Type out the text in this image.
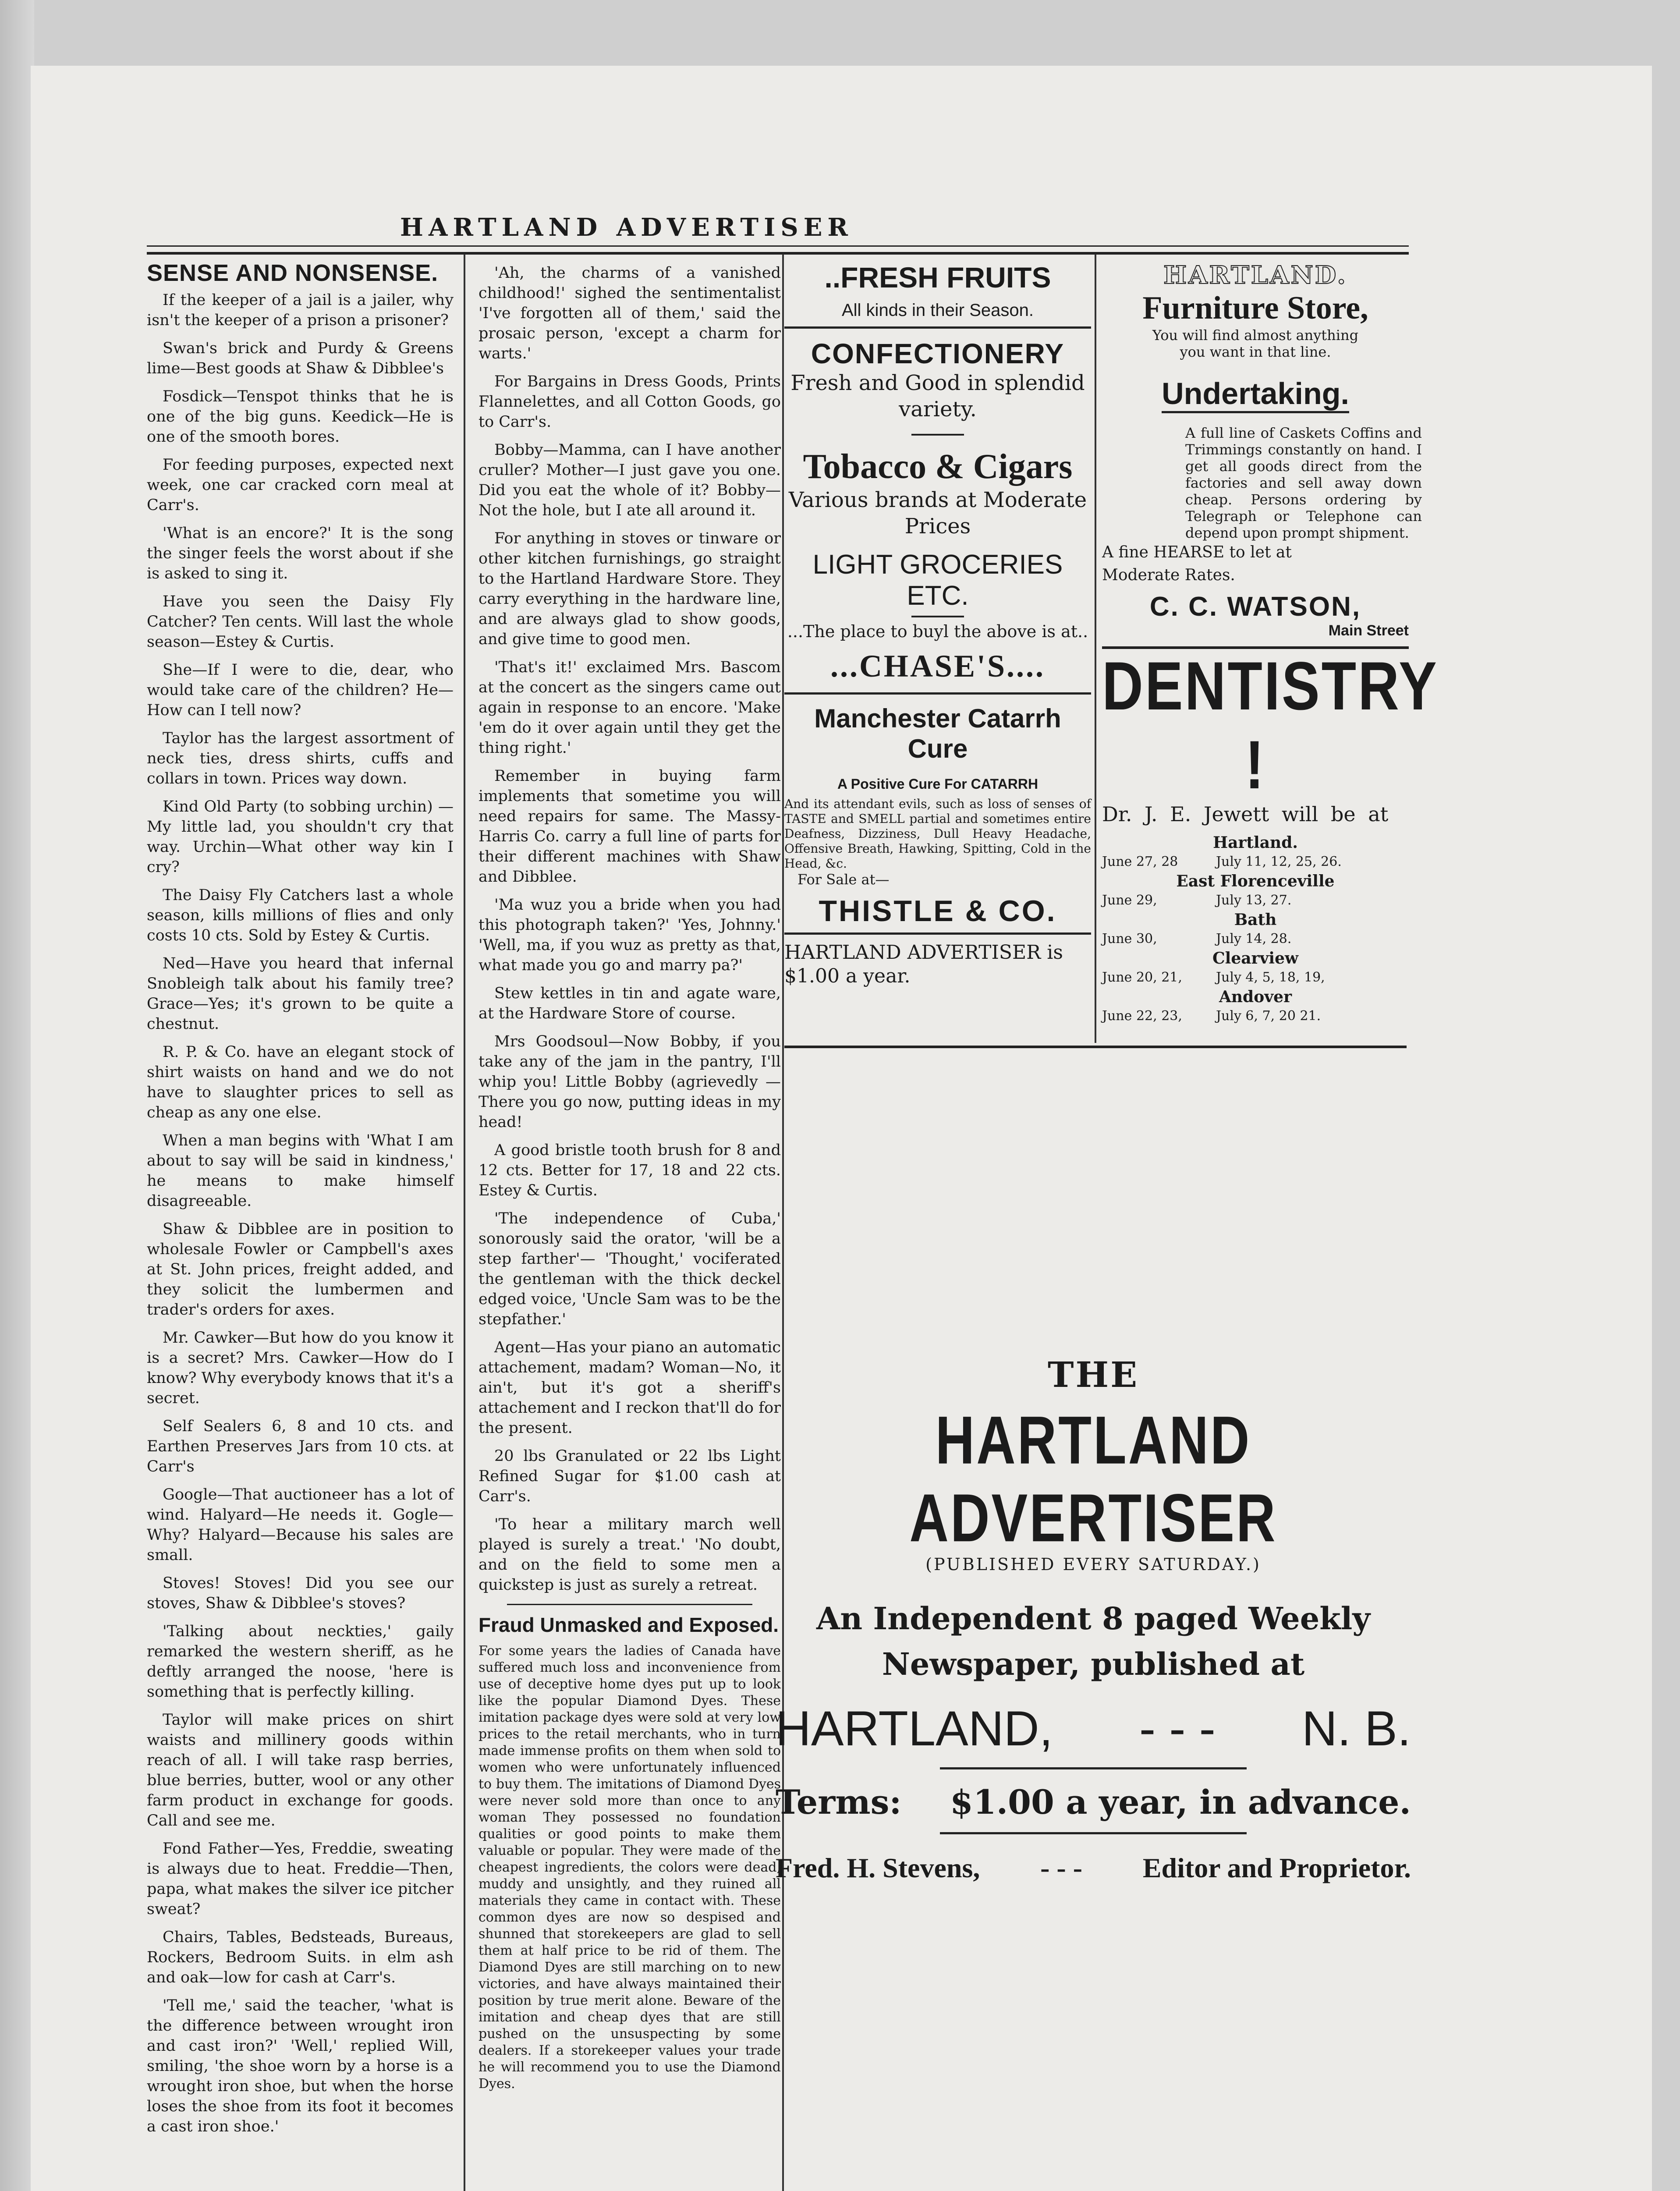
HARTLAND ADVERTISER
SENSE AND NONSENSE.

If the keeper of a jail is a jailer, why isn't the keeper of a prison a prisoner?

Swan's brick and Purdy & Greens lime—Best goods at Shaw & Dibblee's

Fosdick—Tenspot thinks that he is one of the big guns. Keedick—He is one of the smooth bores.

For feeding purposes, expected next week, one car cracked corn meal at Carr's.

'What is an encore?' It is the song the singer feels the worst about if she is asked to sing it.

Have you seen the Daisy Fly Catcher? Ten cents. Will last the whole season—Estey & Curtis.

She—If I were to die, dear, who would take care of the children? He—How can I tell now?

Taylor has the largest assortment of neck ties, dress shirts, cuffs and collars in town. Prices way down.

Kind Old Party (to sobbing urchin) —My little lad, you shouldn't cry that way. Urchin—What other way kin I cry?

The Daisy Fly Catchers last a whole season, kills millions of flies and only costs 10 cts. Sold by Estey & Curtis.

Ned—Have you heard that infernal Snobleigh talk about his family tree? Grace—Yes; it's grown to be quite a chestnut.

R. P. & Co. have an elegant stock of shirt waists on hand and we do not have to slaughter prices to sell as cheap as any one else.

When a man begins with 'What I am about to say will be said in kindness,' he means to make himself disagreeable.

Shaw & Dibblee are in position to wholesale Fowler or Campbell's axes at St. John prices, freight added, and they solicit the lumbermen and trader's orders for axes.

Mr. Cawker—But how do you know it is a secret? Mrs. Cawker—How do I know? Why everybody knows that it's a secret.

Self Sealers 6, 8 and 10 cts. and Earthen Preserves Jars from 10 cts. at Carr's

Google—That auctioneer has a lot of wind. Halyard—He needs it. Gogle—Why? Halyard—Because his sales are small.

Stoves! Stoves! Did you see our stoves, Shaw & Dibblee's stoves?

'Talking about neckties,' gaily remarked the western sheriff, as he deftly arranged the noose, 'here is something that is perfectly killing.

Taylor will make prices on shirt waists and millinery goods within reach of all. I will take rasp berries, blue berries, butter, wool or any other farm product in exchange for goods. Call and see me.

Fond Father—Yes, Freddie, sweating is always due to heat. Freddie—Then, papa, what makes the silver ice pitcher sweat?

Chairs, Tables, Bedsteads, Bureaus, Rockers, Bedroom Suits. in elm ash and oak—low for cash at Carr's.

'Tell me,' said the teacher, 'what is the difference between wrought iron and cast iron?' 'Well,' replied Will, smiling, 'the shoe worn by a horse is a wrought iron shoe, but when the horse loses the shoe from its foot it becomes a cast iron shoe.'

'Ah, the charms of a vanished childhood!' sighed the sentimentalist 'I've forgotten all of them,' said the prosaic person, 'except a charm for warts.'

For Bargains in Dress Goods, Prints Flannelettes, and all Cotton Goods, go to Carr's.

Bobby—Mamma, can I have another cruller? Mother—I just gave you one. Did you eat the whole of it? Bobby—Not the hole, but I ate all around it.

For anything in stoves or tinware or other kitchen furnishings, go straight to the Hartland Hardware Store. They carry everything in the hardware line, and are always glad to show goods, and give time to good men.

'That's it!' exclaimed Mrs. Bascom at the concert as the singers came out again in response to an encore. 'Make 'em do it over again until they get the thing right.'

Remember in buying farm implements that sometime you will need repairs for same. The Massy-Harris Co. carry a full line of parts for their different machines with Shaw and Dibblee.

'Ma wuz you a bride when you had this photograph taken?' 'Yes, Johnny.' 'Well, ma, if you wuz as pretty as that, what made you go and marry pa?'

Stew kettles in tin and agate ware, at the Hardware Store of course.

Mrs Goodsoul—Now Bobby, if you take any of the jam in the pantry, I'll whip you! Little Bobby (agrievedly —There you go now, putting ideas in my head!

A good bristle tooth brush for 8 and 12 cts. Better for 17, 18 and 22 cts. Estey & Curtis.

'The independence of Cuba,' sonorously said the orator, 'will be a step farther'— 'Thought,' vociferated the gentleman with the thick deckel edged voice, 'Uncle Sam was to be the stepfather.'

Agent—Has your piano an automatic attachement, madam? Woman—No, it ain't, but it's got a sheriff's attachement and I reckon that'll do for the present.

20 lbs Granulated or 22 lbs Light Refined Sugar for $1.00 cash at Carr's.

'To hear a military march well played is surely a treat.' 'No doubt, and on the field to some men a quickstep is just as surely a retreat.

Fraud Unmasked and Exposed.
For some years the ladies of Canada have suffered much loss and inconvenience from use of deceptive home dyes put up to look like the popular Diamond Dyes. These imitation package dyes were sold at very low prices to the retail merchants, who in turn made immense profits on them when sold to women who were unfortunately influenced to buy them. The imitations of Diamond Dyes were never sold more than once to any woman They possessed no foundation qualities or good points to make them valuable or popular. They were made of the cheapest ingredients, the colors were dead, muddy and unsightly, and they ruined all materials they came in contact with. These common dyes are now so despised and shunned that storekeepers are glad to sell them at half price to be rid of them. The Diamond Dyes are still marching on to new victories, and have always maintained their position by true merit alone. Beware of the imitation and cheap dyes that are still pushed on the unsuspecting by some dealers. If a storekeeper values your trade he will recommend you to use the Diamond Dyes.
..FRESH FRUITS
All kinds in their Season.
CONFECTIONERY
Fresh and Good in splendid variety.
Tobacco & Cigars
Various brands at Moderate Prices
LIGHT GROCERIES ETC.
...The place to buyl the above is at..
...CHASE'S....
Manchester Catarrh Cure
A Positive Cure For CATARRH
And its attendant evils, such as loss of senses of TASTE and SMELL partial and sometimes entire Deafness, Dizziness, Dull Heavy Headache, Offensive Breath, Hawking, Spitting, Cold in the Head, &c.
For Sale at—
THISTLE & CO.
HARTLAND ADVERTISER is $1.00 a year.
HARTLAND.
Furniture Store,
You will find almost anything you want in that line.
Undertaking.
A full line of Caskets Coffins and Trimmings constantly on hand. I get all goods direct from the factories and sell away down cheap. Persons ordering by Telegraph or Telephone can depend upon prompt shipment.
A fine HEARSE to let at Moderate Rates.
C. C. WATSON,
Main Street
DENTISTRY !
Dr. J. E. Jewett will be at
Hartland.
June 27, 28	July 11, 12, 25, 26.
East Florenceville
June 29,	July 13, 27.
Bath
June 30,	July 14, 28.
Clearview
June 20, 21,	July 4, 5, 18, 19,
Andover
June 22, 23,	July 6, 7, 20 21.
THE
HARTLAND ADVERTISER
(PUBLISHED EVERY SATURDAY.)
An Independent 8 paged Weekly
Newspaper, published at
HARTLAND, - - - N. B.
Terms: $1.00 a year, in advance.
Fred. H. Stevens, - - - Editor and Proprietor.
